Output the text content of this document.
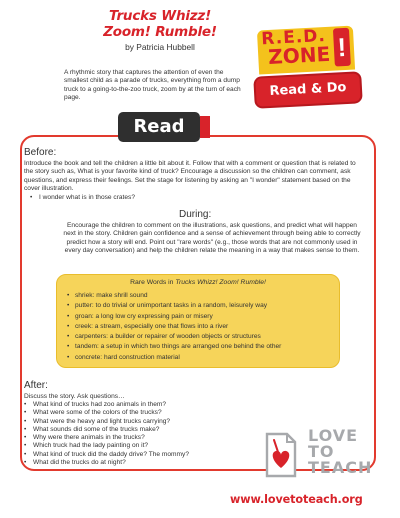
Trucks Whizz!
Zoom! Rumble!
by Patricia Hubbell
A rhythmic story that captures the attention of even the smallest child as a parade of trucks, everything from a dump truck to a going-to-the-zoo truck, zoom by at the turn of each page.
R.E.D.
ZONE !
Read & Do
Read
Before:
Introduce the book and tell the children a little bit about it. Follow that with a comment or question that is related to the story such as, What is your favorite kind of truck? Encourage a discussion so the children can comment, ask questions, and express their feelings. Set the stage for listening by asking an "I wonder" statement based on the cover illustration.
• I wonder what is in those crates?
During:
Encourage the children to comment on the illustrations, ask questions, and predict what will happen next in the story. Children gain confidence and a sense of achievement through being able to correctly predict how a story will end. Point out "rare words" (e.g., those words that are not commonly used in every day conversation) and help the children relate the meaning in a way that makes sense to them.
Rare Words in Trucks Whizz! Zoom! Rumble!
• shriek: make shrill sound
• putter: to do trivial or unimportant tasks in a random, leisurely way
• groan: a long low cry expressing pain or misery
• creek: a stream, especially one that flows into a river
• carpenters: a builder or repairer of wooden objects or structures
• tandem: a setup in which two things are arranged one behind the other
• concrete: hard construction material
After:
Discuss the story. Ask questions…
• What kind of trucks had zoo animals in them?
• What were some of the colors of the trucks?
• What were the heavy and light trucks carrying?
• What sounds did some of the trucks make?
• Why were there animals in the trucks?
• Which truck had the lady painting on it?
• What kind of truck did the daddy drive? The mommy?
• What did the trucks do at night?
LOVE
TO
TEACH
www.lovetoteach.org
